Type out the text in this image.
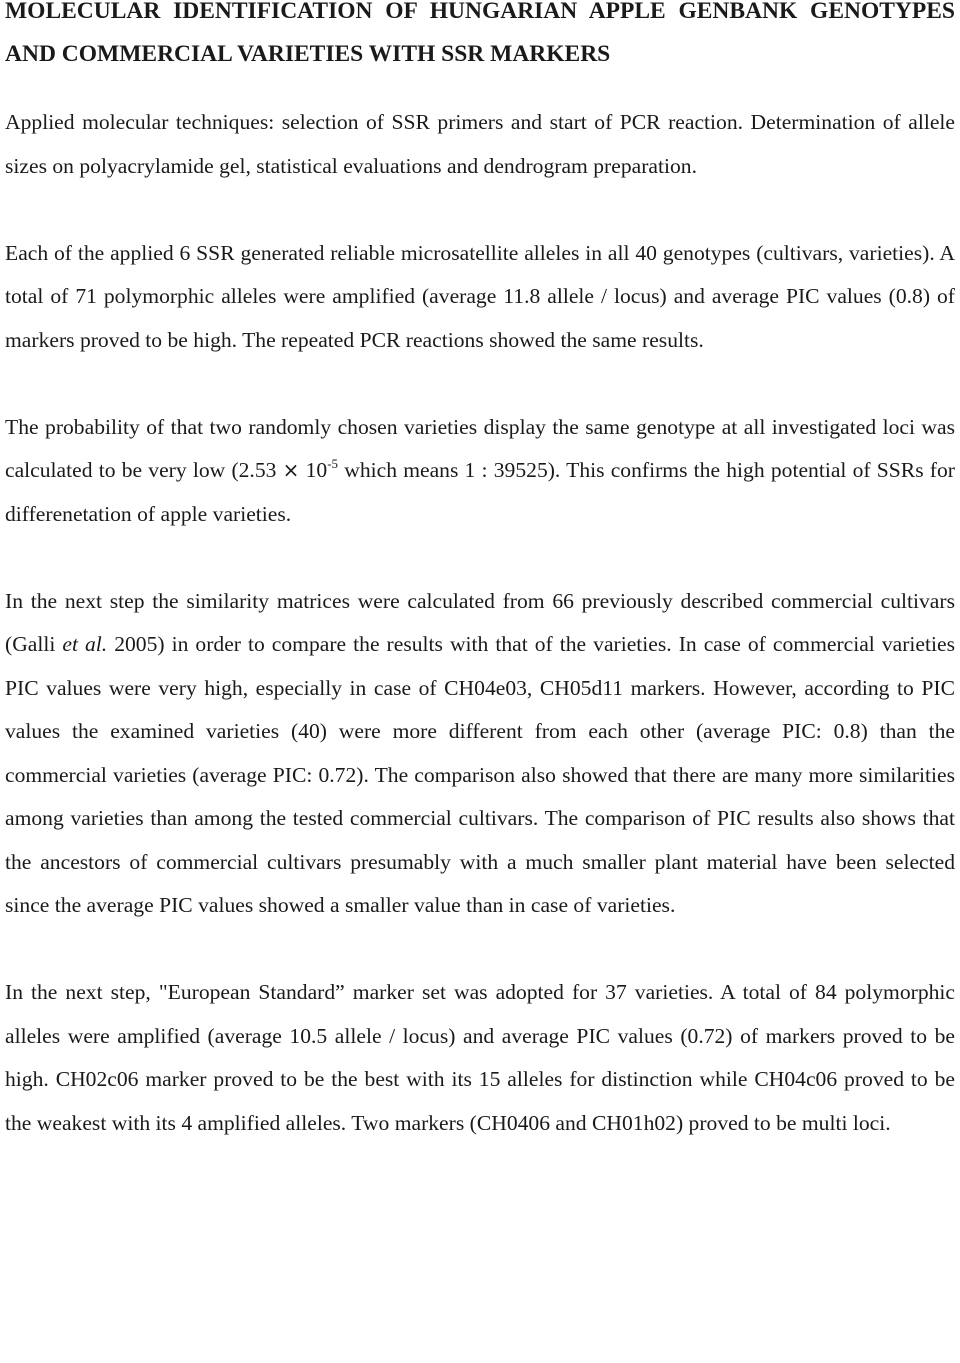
MOLECULAR IDENTIFICATION OF HUNGARIAN APPLE GENBANK GENOTYPES AND COMMERCIAL VARIETIES WITH SSR MARKERS

Applied molecular techniques: selection of SSR primers and start of PCR reaction. Determination of allele sizes on polyacrylamide gel, statistical evaluations and dendrogram preparation.

Each of the applied 6 SSR generated reliable microsatellite alleles in all 40 genotypes (cultivars, varieties). A total of 71 polymorphic alleles were amplified (average 11.8 allele / locus) and average PIC values (0.8) of markers proved to be high. The repeated PCR reactions showed the same results.

The probability of that two randomly chosen varieties display the same genotype at all investigated loci was calculated to be very low ($2.53 \times 10^{-5}$ which means 1 : 39525). This confirms the high potential of SSRs for differenetation of apple varieties.

In the next step the similarity matrices were calculated from 66 previously described commercial cultivars (Galli et al. 2005) in order to compare the results with that of the varieties. In case of commercial varieties PIC values were very high, especially in case of CH04e03, CH05d11 markers. However, according to PIC values the examined varieties (40) were more different from each other (average PIC: 0.8) than the commercial varieties (average PIC: 0.72). The comparison also showed that there are many more similarities among varieties than among the tested commercial cultivars. The comparison of PIC results also shows that the ancestors of commercial cultivars presumably with a much smaller plant material have been selected since the average PIC values showed a smaller value than in case of varieties.

In the next step, "European Standard” marker set was adopted for 37 varieties. A total of 84 polymorphic alleles were amplified (average 10.5 allele / locus) and average PIC values (0.72) of markers proved to be high. CH02c06 marker proved to be the best with its 15 alleles for distinction while CH04c06 proved to be the weakest with its 4 amplified alleles. Two markers (CH0406 and CH01h02) proved to be multi loci.
